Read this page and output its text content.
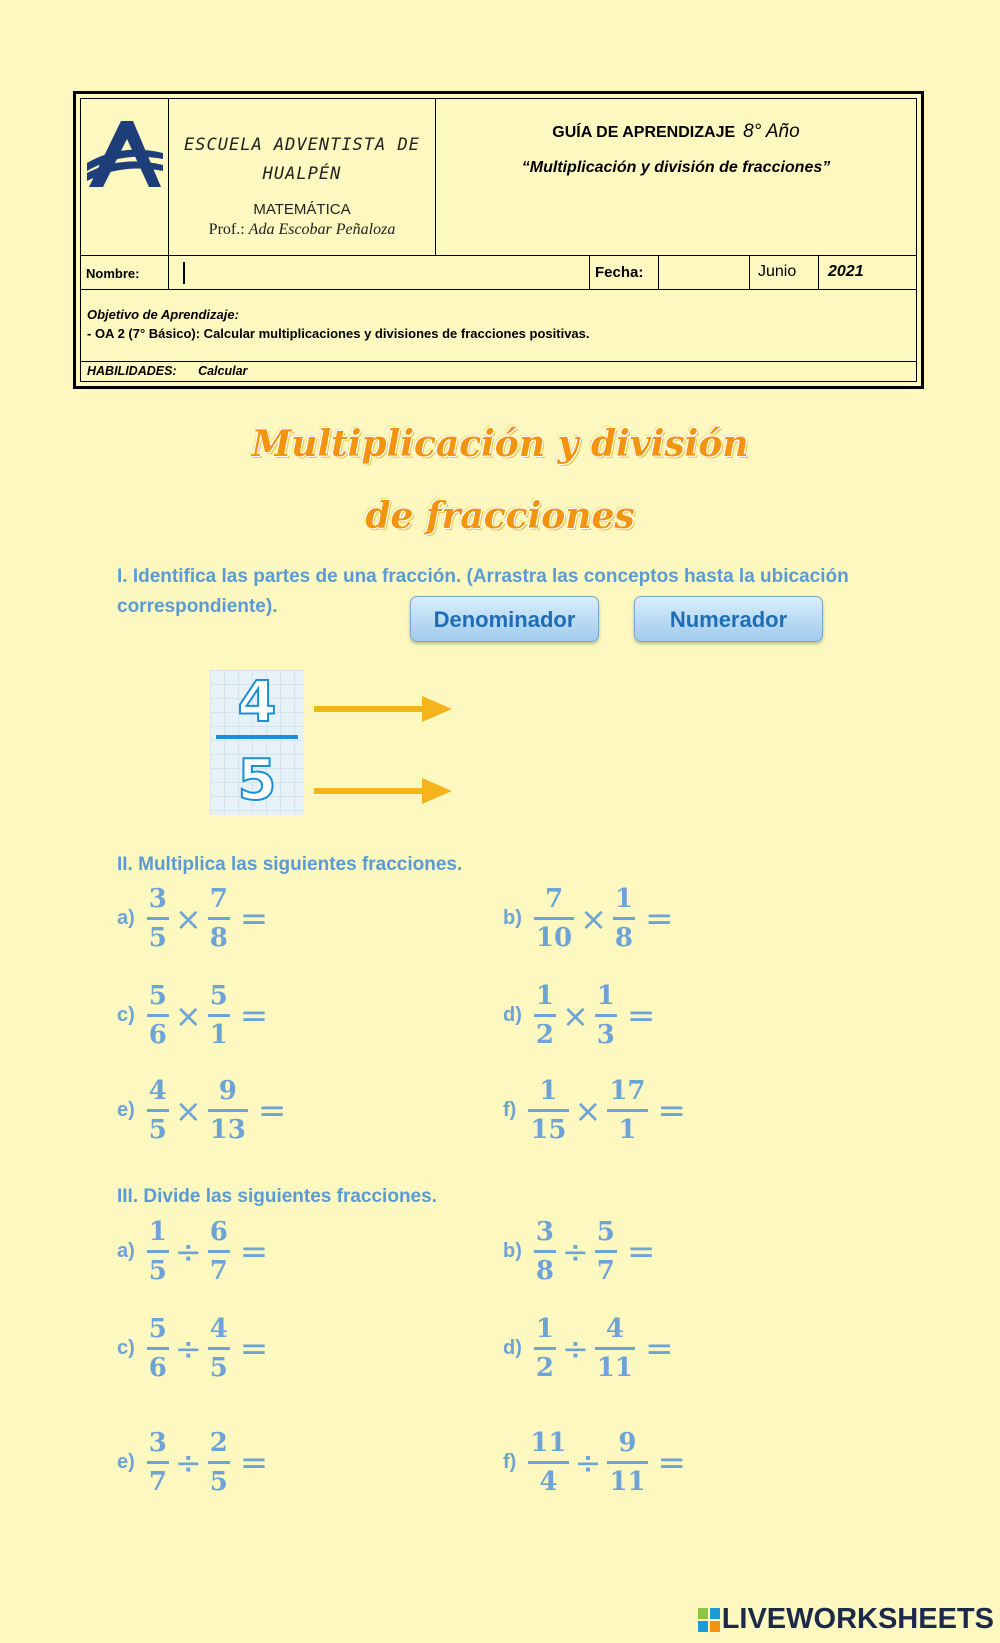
ESCUELA ADVENTISTA DE HUALPÉN
MATEMÁTICA
Prof.: Ada Escobar Peñaloza
GUÍA DE APRENDIZAJE 8° Año
“Multiplicación y división de fracciones”
Nombre:	Fecha:	Junio	2021
Objetivo de Aprendizaje:
- OA 2 (7° Básico): Calcular multiplicaciones y divisiones de fracciones positivas.
HABILIDADES: Calcular
Multiplicación y división
de fracciones
I. Identifica las partes de una fracción. (Arrastra las conceptos hasta la ubicación
correspondiente).
Denominador	Numerador
4
5
II. Multiplica las siguientes fracciones.
III. Divide las siguientes fracciones.
a)
3
5
×
7
8 =	b)
7
10
×
1
8 =
c)
5
6
×
5
1 =	d)
1
2
×
1
3 =
e)
4
5
×
9
13 =	f)
1
15
×
17
1 =
a)
1
5
÷
6
7 =	b)
3
8
÷
5
7 =
c)
5
6
÷
4
5 =	d)
1
2
÷
4
11 =
e)
3
7
÷
2
5 =	f)
11
4
÷
9
11 =
LIVEWORKSHEETS
